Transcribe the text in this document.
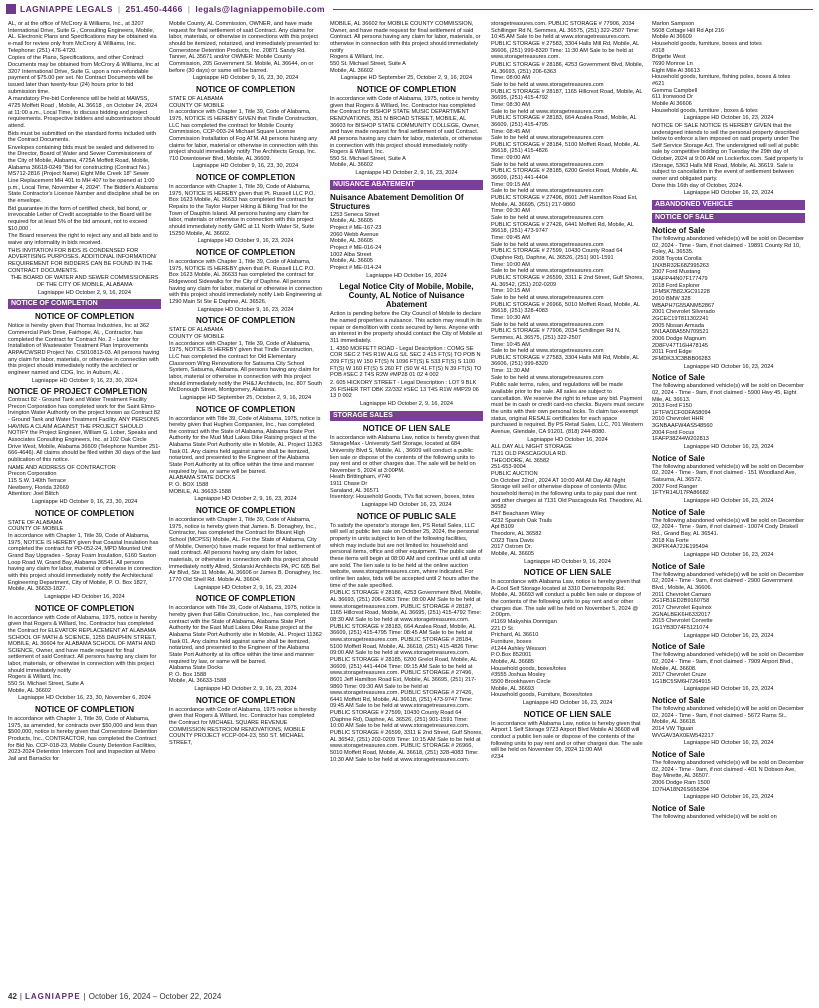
LAGNIAPPE LEGALS | 251.450-4466 | legals@lagniappemobile.com

AL, or at the office of McCrory & Williams, Inc., at 3207 International Drive, Suite G , Consulting Engineers, Mobile, AL. Electronic Plans and Specifications may be obtained via e-mail for review only from McCrory & Williams, Inc. Telephone: (251) 476-4720.

Copies of the Plans, Specifications, and other Contract Documents may be obtained from McCrory & Williams, Inc at 3207 International Drive, Suite G, upon a non-refundable payment of $75.00 per set. No Contract Documents will be issued later than twenty-four (24) hours prior to bid submission time.

A mandatory Pre-bid Conference will be held at MAWSS, 4725 Moffett Road , Mobile, AL 36618 , on October 24, 2024 at 11:00 a.m., Local Time, to discuss bidding and project requirements. Prospective bidders and subcontractors should attend.

Bids must be submitted on the standard forms included with the Contract Documents.

Envelopes containing bids must be sealed and delivered to the Director, Board of Water and Sewer Commissioners of the City of Mobile, Alabama, 4725A Moffett Road, Mobile, Alabama 36618-0249 "Bid for constructing (Contract No.) MS712-2816 (Project Name) Eight Mile Creek 18" Sewer Line Replacement MH 401 to MH 407 to be opened at 1:00 p.m., Local Time, November 4, 2024". The Bidder's Alabama State Contractor's License Number and discipline shall be on the envelope.

Bid guarantee in the form of certified check, bid bond, or irrevocable Letter of Credit acceptable to the Board will be required for at least 5% of the bid amount, not to exceed $10,000 .

The Board reserves the right to reject any and all bids and to waive any informality in bids received.

THIS INVITATION FOR BIDS IS CONDENSED FOR ADVERTISING PURPOSES. ADDITIONAL INFORMATION/ REQUIREMENT FOR BIDDERS CAN BE FOUND IN THE CONTRACT DOCUMENTS.

THE BOARD OF WATER AND SEWER COMMISSIONERS OF THE CITY OF MOBILE, ALABAMA

Lagniappe HD October 2, 9, 16, 2024
NOTICE OF COMPLETION
NOTICE OF COMPLETION

Notice is hereby given that Thomas Industries, Inc at 362 Commercial Park Drive, Fairhope, AL , Contractor, has completed the Contract for Contract No. 2 - Labor for Installation of Wastewater Treatment Plan Improvements ARPA/CWSRD Project No. CS010813-03. All persons having any claim for labor, materials, or otherwise in connection with this project should immediately notify the architect or engineer named and CDG, Inc. in Auburn, AL .

Lagniappe HD October 9, 16, 23, 30, 2024
NOTICE OF PROJECT COMPLETION

Contract 82 - Ground Tank and Water Treatment Facility Precon Corporation has completed work for the Saint Elmo-Irvington Water Authority on the project known as Contract 82 - Ground Tank and Water Treatment Facility. ANY PERSONS HAVING A CLAIM AGAINST THE PROJECT SHOULD NOTIFY the Project Engineer, William G. Lober, Speaks and Associates Consulting Engineers, Inc. at 102 Oak Circle Drive West, Mobile, Alabama 36609 (Telephone Number 251-666-4646). All claims should be filed within 30 days of the last publication of this notice.

NAME AND ADDRESS OF CONTRACTOR
Precon Corporation
115 S.W. 140th Terrace
Newberry, Florida 32669
Attention: Joel Blitch

Lagniappe HD October 9, 16, 23, 30, 2024
NOTICE OF COMPLETION

STATE OF ALABAMA
COUNTY OF MOBILE
In accordance with Chapter 1, Title 39, Code of Alabama, 1975, NOTICE IS HEREBY given that Coastal Insulation has completed the contract for PD-052-24, MPD Mounted Unit Grand Bay Upgrades - Spray Foam Insulation, 6160 Saxton Loop Road W, Grand Bay, Alabama 36541. All persons having any claim for labor, material or otherwise in connection with this project should immediately notify the Architectural Engineering Department, City of Mobile, P. O. Box 1827, Mobile, AL 36633-1827.

Lagniappe HD October 16, 2024
NOTICE OF COMPLETION

In accordance with Code of Alabama, 1975, notice is hereby given that Rogers & Willard, Inc. Contractor has completed the Contract for ELEVATOR REPLACEMENT AT ALABAMA SCHOOL OF MATH & SCIENCE, 1255 DAUPHIN STREET, MOBILE, AL 36604 for ALABAMA SCHOOL OF MATH AND SCIENCE, Owner, and have made request for final settlement of said Contract. All persons having any claim for labor, materials, or otherwise in connection with this project should immediately notify
Rogers & Willard, Inc.
550 St. Michael Street, Suite A
Mobile, AL 36602

Lagniappe HD October 16, 23, 30, November 6, 2024
NOTICE OF COMPLETION

In accordance with Chapter 1, Title 39, Code of Alabama, 1975, as amended, for contracts over $50,000 and less than $500,000, notice is hereby given that Cornerstone Detention Products, Inc., CONTRACTOR, has completed the Contract for Bid No. CCP-018-23, Mobile County Detention Facilities, 2023-2024 Detention Intercom Tool and Inspection at Metro Jail and Barracks for

Mobile County, AL Commission, OWNER, and have made request for final settlement of said Contract. Any claims for labor, materials, or otherwise in connections with this project should be itemized, notarized, and immediately presented to: Cornerstone Detention Products, Inc. 20871 Sandy Rd. Tanner, AL 35671 and/or OWNER: Mobile County Commission, 205 Government St. Mobile, AL 36644, on or before (30 days) or same will be barred.

Lagniappe HD October 9, 16, 23, 30, 2024
NOTICE OF COMPLETION

STATE OF ALABAMA
COUNTY OF MOBILE
In accordance with Chapter 1, Title 39, Code of Alabama, 1975, NOTICE IS HEREBY GIVEN that Tindle Construction, LLC has completed the contract for Mobile County Commission, CCP-003-24 Michael Square License Commission Installation of Fog ATM. All persons having any claims for labor, material or otherwise in connection with this project should immediately notify The Architects Group, Inc. 710 Downtowner Blvd, Mobile, AL 36609.

Lagniappe HD October 9, 16, 23, 30, 2024
NOTICE OF COMPLETION

In accordance with Chapter 1, Title 39, Code of Alabama, 1975, NOTICE IS HEREBY given that Pt. Russell LLC P.O. Box 1623 Mobile, AL 36633 has completed the contract for Repairs to the Taylor Harper Hiking & Biking Trail for the Town of Dauphin Island. All persons having any claim for labor, materials or otherwise in connection with this project should immediately notify GMC at 11 North Water St, Suite 15250 Mobile, AL 36602.

Lagniappe HD October 9, 16, 23, 2024
NOTICE OF COMPLETION

In accordance with Chapter 1, Title 39, Code of Alabama, 1975, NOTICE IS HEREBY given that Pt. Russell LLC P.O. Box 1623 Mobile, AL 36633 has completed the contract for Ridgewood Sidewalks for the City of Daphne. All persons having any claim for labor, material or otherwise in connection with this project should immediately notify Lieb Engineering at 1290 Main St Ste E Daphne, AL 36526.

Lagniappe HD October 9, 16, 23, 2024
NOTICE OF COMPLETION

STATE OF ALABAMA
COUNTY OF MOBILE
In accordance with Chapter 1, Title 39, Code of Alabama, 1975, NOTICE IS HEREBY given that Tindle Construction, LLC has completed the contract for Old Elementary Classroom Wing Renovations for Satsuma City School System, Satsuma, Alabama. All persons having any claim for labor, material or otherwise in connection with this project should immediately notify the PH&J Architects, Inc. 807 South McDonough Street, Montgomery, Alabama.

Lagniappe HD September 25, October 2, 9, 16, 2024
NOTICE OF COMPLETION

In accordance with Title 39, Code of Alabama, 1975, notice is hereby given that Hughes Companies, Inc., has completed the contract with the State of Alabama, Alabama State Port Authority for the Mud Mud Lakes Dike Raising project at the Alabama State Port Authority site in Mobile, AL. Project 11363 Task 01. Any claims held against same shall be itemized, notarized, and presented to the Engineer of the Alabama State Port Authority at its office within the time and manner required by law, or same will be barred.
ALABAMA STATE DOCKS
P. O. BOX 1588
MOBILE, AL 36633-1588

Lagniappe HD October 2, 9, 16, 23, 2024
NOTICE OF COMPLETION

In accordance with Chapter 1, Title 39, Code of Alabama, 1975, notice is hereby given that James. B. Donaghey, Inc., Contractor, has completed the Contract for Blount High School (MCPSS) Mobile, AL. For the State of Alabama, City of Mobile, Owner(s) have made request for final settlement of said contract. All persons having any claim for labor, materials, or otherwise in connection with this project should immediately notify Allred, Stolarski Architects PA, PC 605 Bel Air Blvd, Ste 11 Mobile, AL 36606 or James B. Donaghey, Inc. 1770 Old Shell Rd. Mobile AL 36604.

Lagniappe HD October 2, 9, 16, 23, 2024
NOTICE OF COMPLETION

In accordance with Title 39, Code of Alabama, 1975, notice is hereby given that Gillis Construction, Inc., has completed the contract with the State of Alabama, Alabama State Port Authority for the East Mud Lakes Dike Raise project at the Alabama State Port Authority site in Mobile, AL. Project 11362 Task 01. Any claims held against same shall be itemized, notarized, and presented to the Engineer of the Alabama State Port Authority at its office within the time and manner required by law, or same will be barred.
Alabama State Docks
P. O. Box 1588
Mobile, AL 36633-1588

Lagniappe HD October 2, 9, 16, 23, 2024
NOTICE OF COMPLETION

In accordance with Code of Alabama, 1975 notice is hereby given that Rogers & Willard, Inc. Contractor has completed the Contract for MICHAEL SQUARE REVENUE COMMISSION RESTROOM RENOVATIONS, MOBILE COUNTY PROJECT #CCP-004-23, 550 ST. MICHAEL STREET,

MOBILE, AL 36602 for MOBILE COUNTY COMMISSION, Owner, and have made request for final settlement of said Contract. All persons having any claim for labor, materials, or otherwise in connection with this project should immediately notify
Rogers & Willard, Inc.
550 St. Michael Street, Suite A
Mobile, AL 36602

Lagniappe HD September 25, October 2, 9, 16, 2024
NOTICE OF COMPLETION

In accordance with Code of Alabama, 1975, notice is hereby given that Rogers & Willard, Inc. Contractor has completed the Contract for BISHOP STATE MUSIC DEPARTMENT RENOVATIONS, 351 N BROAD STREET, MOBILE, AL 36603 for BISHOP STATE COMMUNITY COLLEGE, Owner, and have made request for final settlement of said Contract. All persons having any claim for labor, materials, or otherwise in connection with this project should immediately notify
Rogers & Willard, Inc.
550 St. Michael Street, Suite A
Mobile, AL 36602

Lagniappe HD October 2, 9, 16, 23, 2024
NUISANCE ABATEMENT
Nuisance Abatement Demolition Of Structures

1253 Seneca Street
Mobile, AL 36605
Project # ME-167-23
2060 Webb Avenue
Mobile, AL 36605
Project # ME-016-24
1002 Alba Street
Mobile, AL 36605
Project # ME-014-24

Lagniappe HD October 16, 2024
Legal Notice City of Mobile, Mobile, County, AL Notice of Nuisance Abatement

Action is pending before the City Council of Mobile to declare the named properties a nuisance. This action may result in its repair or demolition with costs secured by liens. Anyone with an interest in the property should contact the City of Mobile at 311 immediately.

1. 4350 MOFFETT ROAD - Legal Description : COMG SE COR SEC 2 T4S R1W ALG S/L SEC 2 415 FT(S) TO POB N 209 FT(S) W 150 FT(S) N 1096 FT(S) E 533 FT(S) S 1100 FT(S) W 160 FT(S) S 260 FT (S0 W 41 FT(S) N 39 FT(S) TO POB #SEC 2 T4S R2W #MP28 01 02 4 002

2. 605 HICKORY STREET - Legal Description : LOT 9 BLK 26 FISHER TRT DBK 22/332 #SEC 13 T4S R1W #MP29 06 13 0 002

Lagniappe HD October 2, 9, 16, 2024
STORAGE SALES
NOTICE OF LIEN SALE

In accordance with Alabama Law, notice is hereby given that StorageMax - University Self Storage, located at 684 University Blvd S, Mobile, AL , 36609 will conduct a public lien sale or dispose of the contents of the following units to pay rent and or other charges due. The sale will be held on November 5, 2024 at 3:00PM.
Heath Brittingham, #740
1911 Chase Dr
Saraland, AL 36571
Inventory: Household Goods, TVs flat screen, boxes, totes

Lagniappe HD October 16, 23, 2024
NOTICE OF PUBLIC SALE

To satisfy the operator's storage lien, PS Retail Sales, LLC will sell at public lien sale on October 25, 2024, the personal property in units subject to lien of the following facilities, which may include but are not limited to: household and personal items, office and other equipment. The public sale of these items will begin at 08:00 AM and continue until all units are sold. The lien sale is to be held at the online auction website, www.storagetreasures.com, where indicated. For online lien sales, bids will be accepted until 2 hours after the time of the sale specified.

PUBLIC STORAGE # 28186, 4253 Government Blvd, Mobile, AL 36693, (251) 206-6363 Time: 08:00 AM Sale to be held at www.storagetreasures.com. PUBLIC STORAGE # 28187, 1165 Hillcrest Road, Mobile, AL 36695, (251) 415-4792 Time: 08:30 AM Sale to be held at www.storagetreasures.com. PUBLIC STORAGE # 28183, 664 Azalea Road, Mobile, AL 36609, (251) 415-4795 Time: 08:45 AM Sale to be held at www.storagetreasures.com. PUBLIC STORAGE # 28184, 5100 Moffett Road, Mobile, AL 36618, (251) 415-4826 Time: 09:00 AM Sale to be held at www.storagetreasures.com. PUBLIC STORAGE # 28185, 6200 Grelot Road, Mobile, AL 36609, (251) 441-4404 Time: 09:15 AM Sale to be held at www.storagetreasures.com. PUBLIC STORAGE # 27496, 8601 Jeff Hamilton Road Ext, Mobile, AL 36695, (251) 217-9860 Time: 09:30 AM Sale to be held at www.storagetreasures.com. PUBLIC STORAGE # 27426, 6441 Moffett Rd, Mobile, AL 36618, (251) 473-9747 Time: 09:45 AM Sale to be held at www.storagetreasures.com. PUBLIC STORAGE # 27599, 10430 County Road 64 (Daphne Rd), Daphne, AL 36526, (251) 901-1591 Time: 10:00 AM Sale to be held at www.storagetreasures.com. PUBLIC STORAGE # 26599, 3311 E 2nd Street, Gulf Shores, AL 36542, (251) 202-0209 Time: 10:15 AM Sale to be held at www.storagetreasures.com. PUBLIC STORAGE # 26966, 5010 Moffett Road, Mobile, AL 36618, (251) 328-4083 Time: 10:30 AM Sale to be held at www.storagetreasures.com.

storagetreasures.com. PUBLIC STORAGE # 77906, 2034 Schillinger Rd N, Semmes, AL 36575, (251) 322-2507 Time: 10:45 AM Sale to be held at www.storagetreasures.com. PUBLIC STORAGE # 27583, 3304 Halls Mill Rd, Mobile, AL 36606, (251) 999-8320 Time: 11:30 AM Sale to be held at www.storagetreasures.com.

PUBLIC STORAGE # 28186, 4253 Government Blvd, Mobile, AL 36693, (251) 206-6363
Time: 08:00 AM
Sale to be held at www.storagetreasures.com
PUBLIC STORAGE # 28187, 1165 Hillcrest Road, Mobile, AL 36695, (251) 415-4792
Time: 08:30 AM
Sale to be held at www.storagetreasures.com
PUBLIC STORAGE # 28183, 664 Azalea Road, Mobile, AL 36609, (251) 415-4795
Time: 08:45 AM
Sale to be held at www.storagetreasures.com
PUBLIC STORAGE # 28184, 5100 Moffett Road, Mobile, AL 36618, (251) 415-4826
Time: 09:00 AM
Sale to be held at www.storagetreasures.com
PUBLIC STORAGE # 28185, 6200 Grelot Road, Mobile, AL 36609, (251) 441-4404
Time: 09:15 AM
Sale to be held at www.storagetreasures.com
PUBLIC STORAGE # 27496, 8601 Jeff Hamilton Road Ext, Mobile, AL 36695, (251) 217-9860
Time: 09:30 AM
Sale to be held at www.storagetreasures.com
PUBLIC STORAGE # 27426, 6441 Moffett Rd, Mobile, AL 36618, (251) 473-9747
Time: 09:45 AM
Sale to be held at www.storagetreasures.com
PUBLIC STORAGE # 27599, 10430 County Road 64 (Daphne Rd), Daphne, AL 36526, (251) 901-1591
Time: 10:00 AM
Sale to be held at www.storagetreasures.com
PUBLIC STORAGE # 26599, 3311 E 2nd Street, Gulf Shores, AL 36542, (251) 202-0209
Time: 10:15 AM
Sale to be held at www.storagetreasures.com
PUBLIC STORAGE # 26966, 5010 Moffett Road, Mobile, AL 36618, (251) 328-4083
Time: 10:30 AM
Sale to be held at www.storagetreasures.com
PUBLIC STORAGE # 77906, 2034 Schillinger Rd N, Semmes, AL 36575, (251) 322-2507
Time: 10:45 AM
Sale to be held at www.storagetreasures.com
PUBLIC STORAGE # 27583, 3304 Halls Mill Rd, Mobile, AL 36606, (251) 999-8320
Time: 11:30 AM
Sale to be held at www.storagetreasures.com

Public sale terms, rules, and regulations will be made available prior to the sale. All sales are subject to cancellation. We reserve the right to refuse any bid. Payment must be in cash or credit card-no checks. Buyers must secure the units with their own personal locks. To claim tax-exempt status, original RESALE certificates for each space purchased is required. By PS Retail Sales, LLC, 701 Western Avenue, Glendale, CA 91201. (818) 244-8080.

Lagniappe HD October 16, 2024

ALL DAY ALL NIGHT STORAGE
7131 OLD PASCAGOULA RD.
THEODORE, AL 36582
251-653-9004
PUBLIC AUCTION
On October 22nd , 2024 AT 10:00 AM All Day All Night Storage will sell or otherwise dispose of contents (Misc household items) in the following units to pay past due rent and other charges at 7131 Old Pascagoula Rd. Theodore, AL 36582
B47 Beachanm Wiley
4232 Spanish Oak Trails
Apt B109
Theodore, AL 36582
C023 Tiara Davis
2017 Ostrom Dr.
Mobile, AL 36605

Lagniappe HD October 9, 16, 2024
NOTICE OF LIEN SALE

In accordance with Alabama Law, notice is hereby given that A-Cool Self Storage located at 3310 Demetropolis Rd. Mobile, AL 36693 will conduct a public lien sale or dispose of the contents of the following units to pay rent and or other charges due. The sale will be held on November 5, 2024 @ 2:00pm.
#1169 Makyshia Donnigan
221 D St
Prichard, AL 36610
Furniture, boxes
#1244 Ashley Wesson
P.O.Box 852001
Mobile, AL 36685
Household goods, boxes/totes
#3555 Joshua Mosley
5500 Brookhaven Circle
Mobile, AL 36693
Household goods, Furniture, Boxes/totes

Lagniappe HD October 16, 23, 2024
NOTICE OF LIEN SALE

In accordance with Alabama Law, notice is hereby given that Airport 1 Self Storage 9723 Airport Blvd Mobile Al 36608 will conduct a public lien sale or dispose of the contents of the following units to pay rent and or other charges due. The sale will be held on November 05, 2024 11:00 AM
#234

Marlon Sampson
5608 Cottage Hill Rd Apt 216
Mobile Al 36609
Household goods, furniture, boxes and totes
#318
Brigette West
7690 Monroe Ln
Eight Mile Al 36613
Household goods, furniture, fishing poles, boxes & totes
#621
Gemma Campbell
611 Ironwood Dr
Mobile Al 36606
Household goods, furniture , boxes & totes

Lagniappe HD October 16, 23, 2024

NOTICE OF SALE NOTICE IS HEREBY GIVEN that the undersigned intends to sell the personal property described below to enforce a lien imposed on said property under The Self Service Storage Act. The undersigned will sell at public sale by competitive bidding on Tuesday the 29th day of October, 2024 at 9:00 AM on Lockerfox.com. Said property is iStorage, 5363 Halls Mill Road, Mobile, AL 36619. Sale is subject to cancellation in the event of settlement between owner and obligated party.
Done this 16th day of October, 2024.

Lagniappe HD October 16, 23, 2024
ABANDONED VEHICLE
NOTICE OF SALE
Notice of Sale

The following abandoned vehicle(s) will be sold on December 02, 2024 - Time - 9am, if not claimed - 19891 County Rd 10, Foley, AL 36535.
2008 Toyota Corolla
1NXBR32E68Z995263
2007 Ford Mustang
1FAFP44N07F177479
2018 Ford Explorer
1FM5K7B82JGC91228
2010 BMW 328
WBAPH7G55ANM52867
2001 Chevrolet Silverado
2GCEC19T811302241
2005 Nissan Armada
5N1AA08A55N709521
2006 Dodge Magnum
2D8FV47T16H478145
2011 Ford Edge
2FMDK3JC3BBB06283

Lagniappe HD October 16, 23, 2024
Notice of Sale

The following abandoned vehicle(s) will be sold on December 02, 2024 - Time - 9am, if not claimed - 5900 Hwy 45, Eight Mile, AL 36613.
2013 Ford F150
1FTFW1CF0DFA58094
2010 Chevrolet HHR
3GNBAAFW4AS548560
2004 Ford Focus
1FAFP38Z44W202813

Lagniappe HD October 16, 23, 2024
Notice of Sale

The following abandoned vehicle(s) will be sold on December 02, 2024 - Time - 9am, if not claimed - 151 Woodland Ave, Satsuma, AL 36572.
2007 Ford Ranger
1FTYR14U17PA86682

Lagniappe HD October 16, 23, 2024
Notice of Sale

The following abandoned vehicle(s) will be sold on December 02, 2024 - Time - 9am, if not claimed - 10074 Cody Driskell Rd., Grand Bay, AL 36541.
2018 Kia Forte
3KPFK4A72JE195494

Lagniappe HD October 16, 23, 2024
Notice of Sale

The following abandoned vehicle(s) will be sold on December 02, 2024 - Time - 9am, if not claimed - 2900 Government Blvd., Mobile, AL 36606.
2011 Chevrolet Camaro
2G1FB1ED2B9160758
2017 Chevrolet Equinox
2GNALBEK6H6332017
2015 Chevrolet Corvette
1G1YB3D74F5121074

Lagniappe HD October 16, 23, 2024
Notice of Sale

The following abandoned vehicle(s) will be sold on December 02, 2024 - Time - 9am, if not claimed - 7909 Airport Blvd., Mobile, AL 36608.
2017 Chevrolet Cruze
1G1BC5SM6H7264915

Lagniappe HD October 16, 23, 2024
Notice of Sale

The following abandoned vehicle(s) will be sold on December 02, 2024 - Time - 9am, if not claimed - 5672 Rarns St., Mobile, AL 36618.
2014 VW Tiguan
WVGAV3AX0EW542217

Lagniappe HD October 16, 23, 2024
Notice of Sale

The following abandoned vehicle(s) will be sold on December 02, 2024 - Time - 9am, if not claimed - 401 N Dobson Ave, Bay Minette, AL 36507.
2006 Dodge Ram 1500
1D7HA18N26S658394

Lagniappe HD October 16, 23, 2024
Notice of Sale

The following abandoned vehicle(s) will be sold on

42 | LAGNIAPPE | October 16, 2024 – October 22, 2024
